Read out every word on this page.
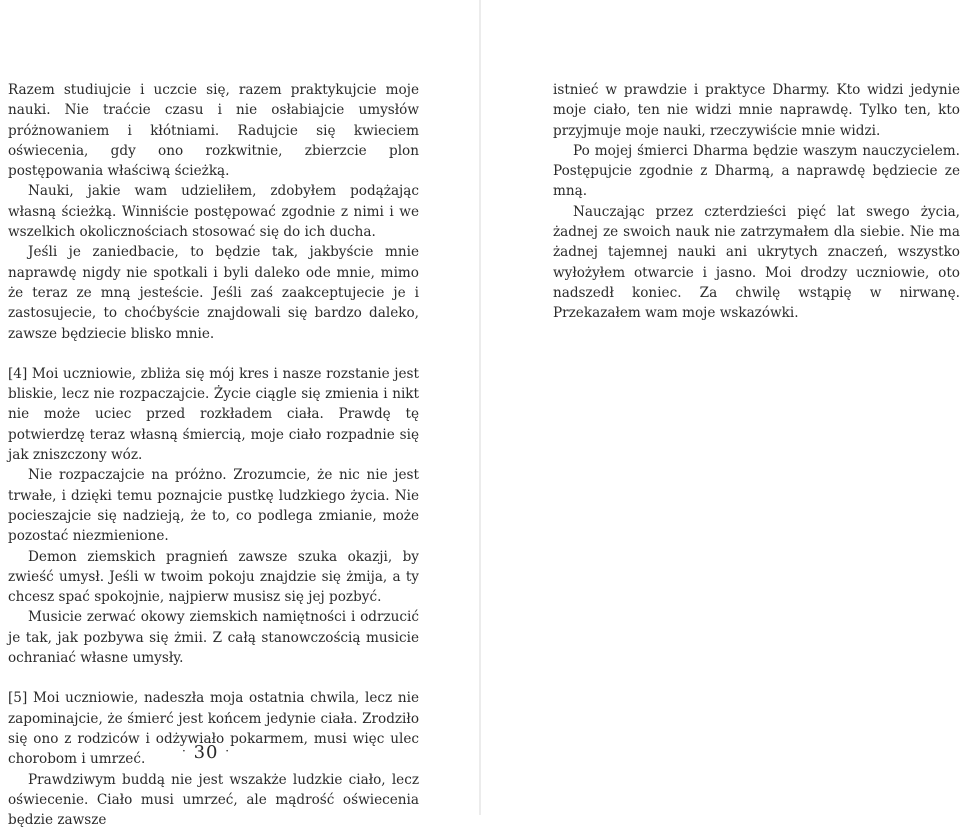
Razem studiujcie i uczcie się, razem praktykujcie moje nauki. Nie traćcie czasu i nie osłabiajcie umysłów próżnowaniem i kłótniami. Radujcie się kwieciem oświecenia, gdy ono rozkwitnie, zbierzcie plon postępowania właściwą ścieżką.

Nauki, jakie wam udzieliłem, zdobyłem podążając własną ścieżką. Winniście postępować zgodnie z nimi i we wszelkich okolicznościach stosować się do ich ducha.

Jeśli je zaniedbacie, to będzie tak, jakbyście mnie naprawdę nigdy nie spotkali i byli daleko ode mnie, mimo że teraz ze mną jesteście. Jeśli zaś zaakceptujecie je i zastosujecie, to choćbyście znajdowali się bardzo daleko, zawsze będziecie blisko mnie.

[4] Moi uczniowie, zbliża się mój kres i nasze rozstanie jest bliskie, lecz nie rozpaczajcie. Życie ciągle się zmienia i nikt nie może uciec przed rozkładem ciała. Prawdę tę potwierdzę teraz własną śmiercią, moje ciało rozpadnie się jak zniszczony wóz.

Nie rozpaczajcie na próżno. Zrozumcie, że nic nie jest trwałe, i dzięki temu poznajcie pustkę ludzkiego życia. Nie pocieszajcie się nadzieją, że to, co podlega zmianie, może pozostać niezmienione.

Demon ziemskich pragnień zawsze szuka okazji, by zwieść umysł. Jeśli w twoim pokoju znajdzie się żmija, a ty chcesz spać spokojnie, najpierw musisz się jej pozbyć.

Musicie zerwać okowy ziemskich namiętności i odrzucić je tak, jak pozbywa się żmii. Z całą stanowczością musicie ochraniać własne umysły.

[5] Moi uczniowie, nadeszła moja ostatnia chwila, lecz nie zapominajcie, że śmierć jest końcem jedynie ciała. Zrodziło się ono z rodziców i odżywiało pokarmem, musi więc ulec chorobom i umrzeć.

Prawdziwym buddą nie jest wszakże ludzkie ciało, lecz oświecenie. Ciało musi umrzeć, ale mądrość oświecenia będzie zawsze

· 30 ·

istnieć w prawdzie i praktyce Dharmy. Kto widzi jedynie moje ciało, ten nie widzi mnie naprawdę. Tylko ten, kto przyjmuje moje nauki, rzeczywiście mnie widzi.

Po mojej śmierci Dharma będzie waszym nauczycielem. Postępujcie zgodnie z Dharmą, a naprawdę będziecie ze mną.

Nauczając przez czterdzieści pięć lat swego życia, żadnej ze swoich nauk nie zatrzymałem dla siebie. Nie ma żadnej tajemnej nauki ani ukrytych znaczeń, wszystko wyłożyłem otwarcie i jasno. Moi drodzy uczniowie, oto nadszedł koniec. Za chwilę wstąpię w nirwanę. Przekazałem wam moje wskazówki.
